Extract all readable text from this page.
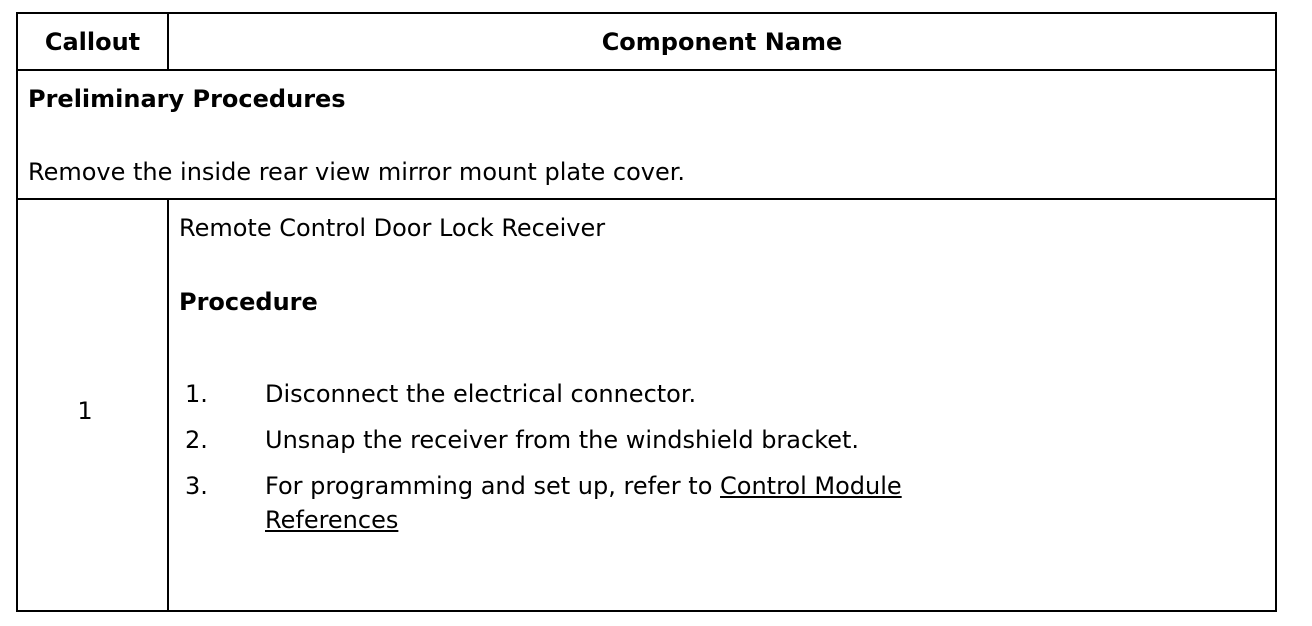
Callout	Component Name
Preliminary Procedures
Remove the inside rear view mirror mount plate cover.
1
Remote Control Door Lock Receiver
Procedure
1.	Disconnect the electrical connector.
2.	Unsnap the receiver from the windshield bracket.
3.	For programming and set up, refer to Control Module
References
